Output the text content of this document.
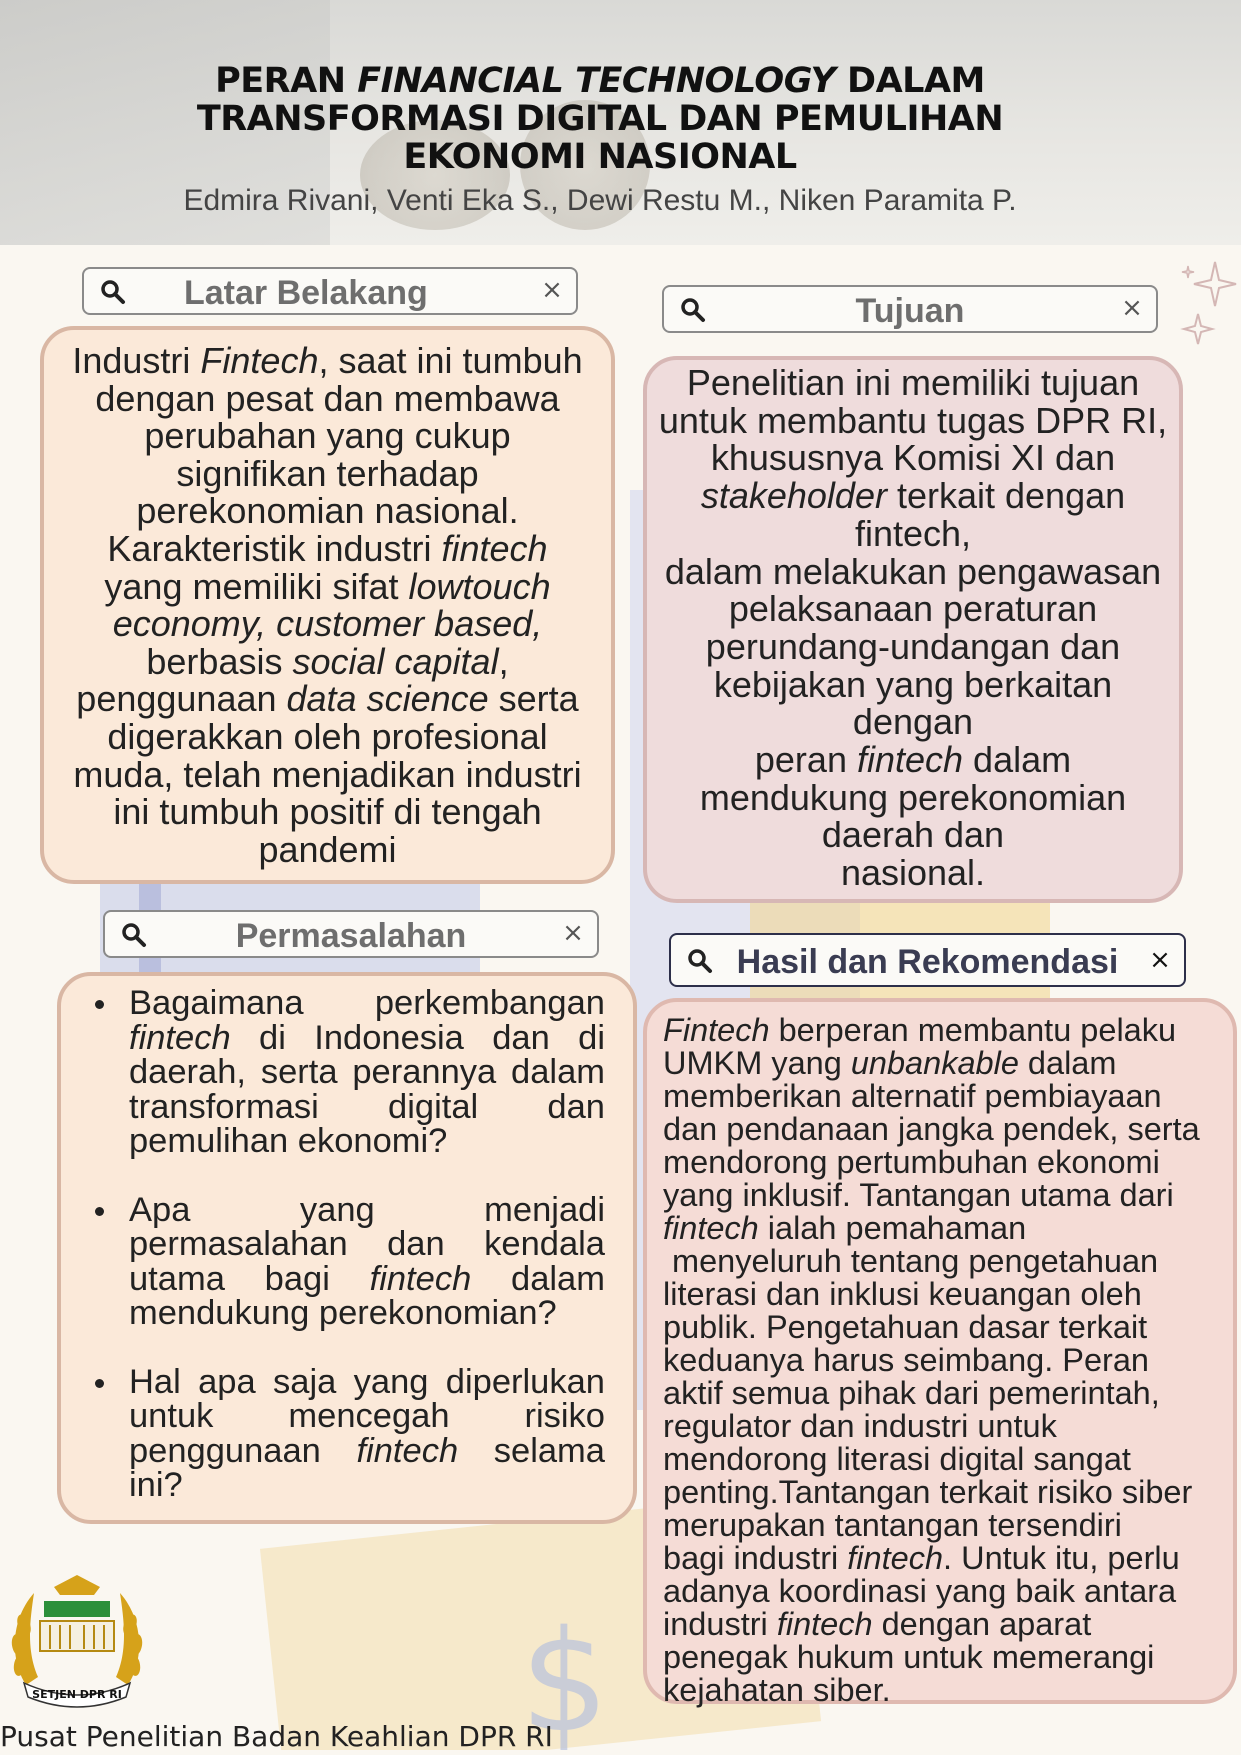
$
PERAN FINANCIAL TECHNOLOGY DALAM
TRANSFORMASI DIGITAL DAN PEMULIHAN
EKONOMI NASIONAL
Edmira Rivani, Venti Eka S., Dewi Restu M., Niken Paramita P.
Latar Belakang	×
Tujuan	×
Permasalahan	×
Hasil dan Rekomendasi	×
Industri Fintech, saat ini tumbuh
dengan pesat dan membawa
perubahan yang cukup
signifikan terhadap
perekonomian nasional.
Karakteristik industri fintech
yang memiliki sifat lowtouch
economy, customer based,
berbasis social capital,
penggunaan data science serta
digerakkan oleh profesional
muda, telah menjadikan industri
ini tumbuh positif di tengah
pandemi
Penelitian ini memiliki tujuan
untuk membantu tugas DPR RI,
khususnya Komisi XI dan
stakeholder terkait dengan
fintech,
dalam melakukan pengawasan
pelaksanaan peraturan
perundang-undangan dan
kebijakan yang berkaitan
dengan
peran fintech dalam
mendukung perekonomian
daerah dan
nasional.
Bagaimana perkembangan fintech di Indonesia dan di daerah, serta perannya dalam transformasi digital dan pemulihan ekonomi?
Apa yang menjadi permasalahan dan kendala utama bagi fintech dalam mendukung perekonomian?
Hal apa saja yang diperlukan untuk mencegah risiko penggunaan fintech selama ini?
Fintech berperan membantu pelaku
UMKM yang unbankable dalam
memberikan alternatif pembiayaan
dan pendanaan jangka pendek, serta
mendorong pertumbuhan ekonomi
yang inklusif. Tantangan utama dari
fintech ialah pemahaman
menyeluruh tentang pengetahuan
literasi dan inklusi keuangan oleh
publik. Pengetahuan dasar terkait
keduanya harus seimbang. Peran
aktif semua pihak dari pemerintah,
regulator dan industri untuk
mendorong literasi digital sangat
penting.Tantangan terkait risiko siber
merupakan tantangan tersendiri
bagi industri fintech. Untuk itu, perlu
adanya koordinasi yang baik antara
industri fintech dengan aparat
penegak hukum untuk memerangi
kejahatan siber.
SETJEN DPR RI
Pusat Penelitian Badan Keahlian DPR RI
